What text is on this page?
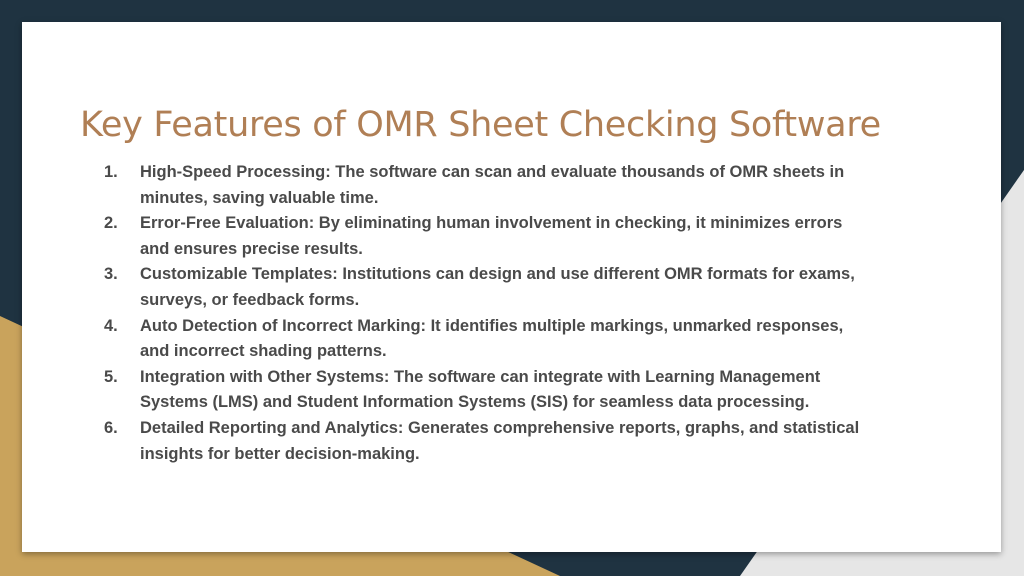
Key Features of OMR Sheet Checking Software
1. High-Speed Processing: The software can scan and evaluate thousands of OMR sheets in minutes, saving valuable time.
2. Error-Free Evaluation: By eliminating human involvement in checking, it minimizes errors and ensures precise results.
3. Customizable Templates: Institutions can design and use different OMR formats for exams, surveys, or feedback forms.
4. Auto Detection of Incorrect Marking: It identifies multiple markings, unmarked responses, and incorrect shading patterns.
5. Integration with Other Systems: The software can integrate with Learning Management Systems (LMS) and Student Information Systems (SIS) for seamless data processing.
6. Detailed Reporting and Analytics: Generates comprehensive reports, graphs, and statistical insights for better decision-making.
